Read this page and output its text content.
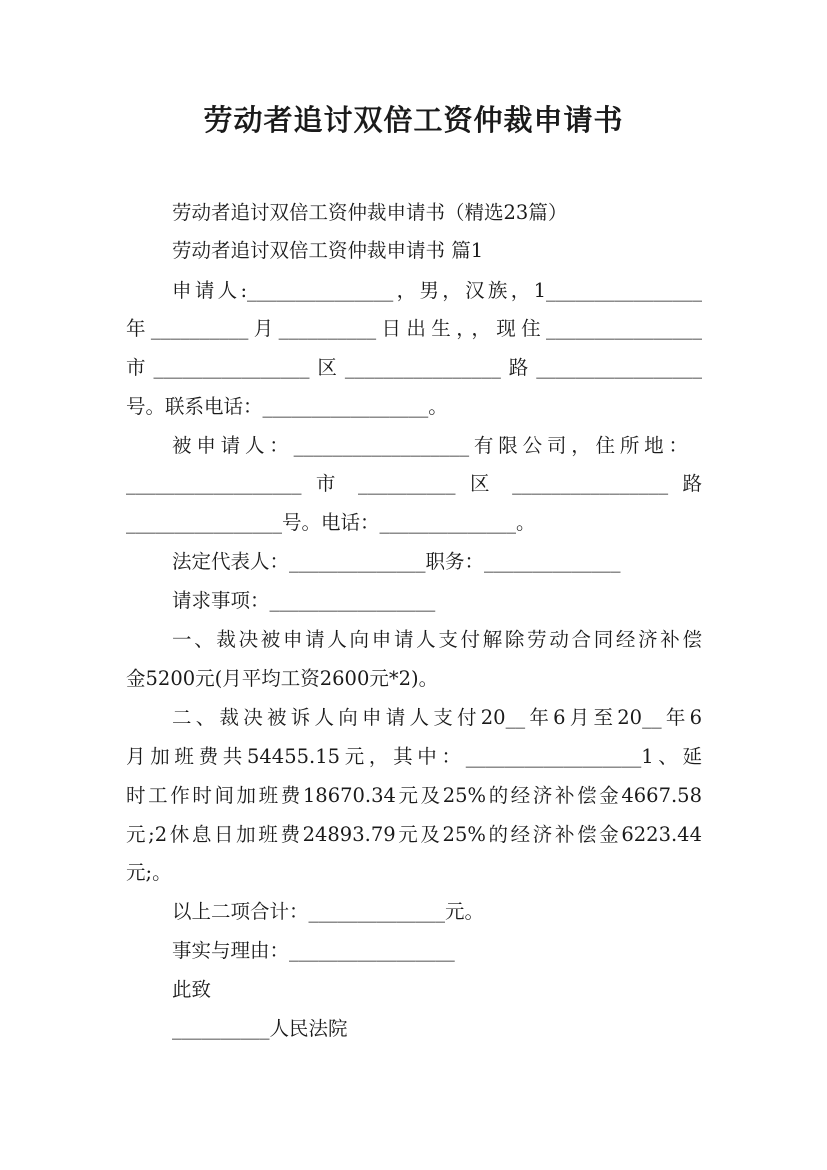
劳动者追讨双倍工资仲裁申请书
劳动者追讨双倍工资仲裁申请书（精选23篇）
劳动者追讨双倍工资仲裁申请书 篇1
申请人:_______________，男，汉族，1________________
年__________月__________日出生，，现住________________
市________________区________________路_________________
号。联系电话：_________________。
被申请人：__________________有限公司，住所地：
__________________ 市 __________ 区 ________________ 路
________________号。电话：______________。
法定代表人：______________职务：______________
请求事项：_________________
一、裁决被申请人向申请人支付解除劳动合同经济补偿
金5200元(月平均工资2600元*2)。
二、裁决被诉人向申请人支付20__年6月至20__年6
月加班费共54455.15元，其中：__________________1、延
时工作时间加班费18670.34元及25%的经济补偿金4667.58
元;2休息日加班费24893.79元及25%的经济补偿金6223.44
元;。
以上二项合计：______________元。
事实与理由：_________________
此致
__________人民法院
